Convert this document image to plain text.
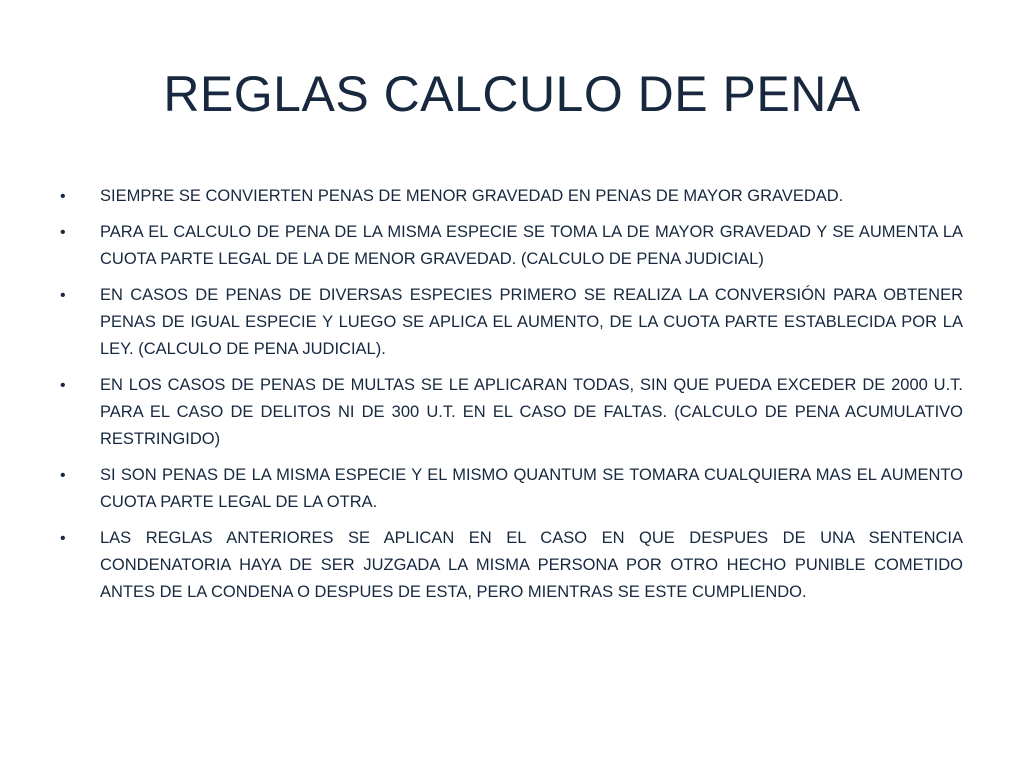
REGLAS CALCULO DE PENA
•	SIEMPRE SE CONVIERTEN PENAS DE MENOR GRAVEDAD EN PENAS DE MAYOR GRAVEDAD.
•	PARA EL CALCULO DE PENA DE LA MISMA ESPECIE SE TOMA LA DE MAYOR GRAVEDAD Y SE AUMENTA LA CUOTA PARTE LEGAL DE LA DE MENOR GRAVEDAD. (CALCULO DE PENA JUDICIAL)
•	EN CASOS DE PENAS DE DIVERSAS ESPECIES PRIMERO SE REALIZA LA CONVERSIÓN PARA OBTENER PENAS DE IGUAL ESPECIE Y LUEGO SE APLICA EL AUMENTO, DE LA CUOTA PARTE ESTABLECIDA POR LA LEY. (CALCULO DE PENA JUDICIAL).
•	EN LOS CASOS DE PENAS DE MULTAS SE LE APLICARAN TODAS, SIN QUE PUEDA EXCEDER DE 2000 U.T. PARA EL CASO DE DELITOS NI DE 300 U.T. EN EL CASO DE FALTAS. (CALCULO DE PENA ACUMULATIVO RESTRINGIDO)
•	SI SON PENAS DE LA MISMA ESPECIE Y EL MISMO QUANTUM SE TOMARA CUALQUIERA MAS EL AUMENTO CUOTA PARTE LEGAL DE LA OTRA.
•	LAS REGLAS ANTERIORES SE APLICAN EN EL CASO EN QUE DESPUES DE UNA SENTENCIA CONDENATORIA HAYA DE SER JUZGADA LA MISMA PERSONA POR OTRO HECHO PUNIBLE COMETIDO ANTES DE LA CONDENA O DESPUES DE ESTA, PERO MIENTRAS SE ESTE CUMPLIENDO.
